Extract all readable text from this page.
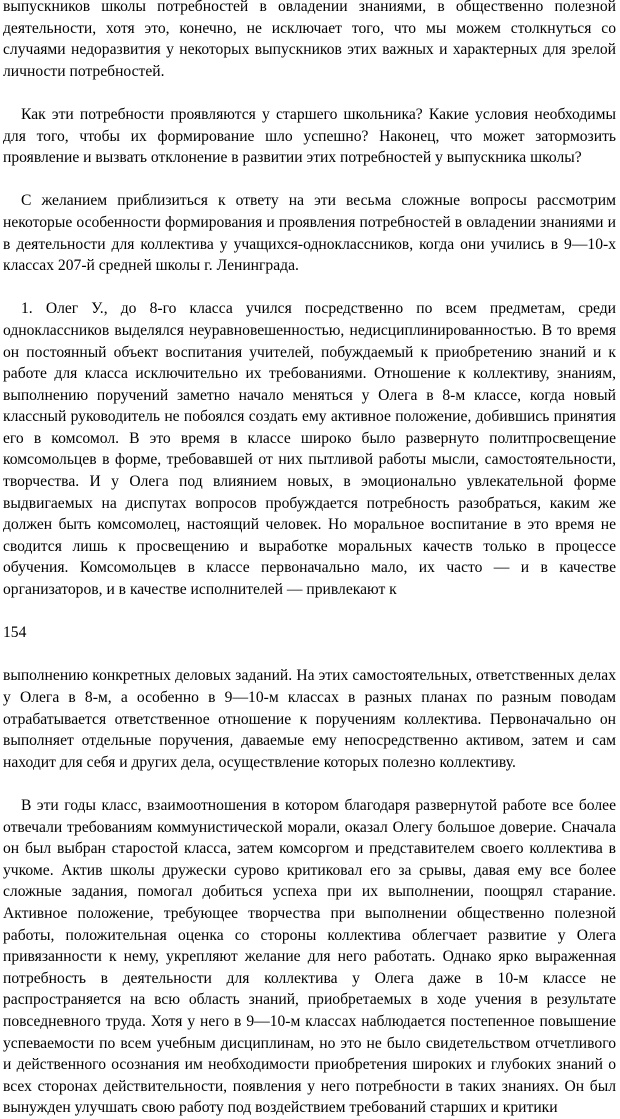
выпускников школы потребностей в овладении знаниями, в общественно полезной деятельности, хотя это, конечно, не исключает того, что мы можем столкнуться со случаями недоразвития у некоторых выпускников этих важных и характерных для зрелой личности потребностей.

Как эти потребности проявляются у старшего школьника? Какие условия необходимы для того, чтобы их формирование шло успешно? Наконец, что может затормозить проявление и вызвать отклонение в развитии этих потребностей у выпускника школы?

С желанием приблизиться к ответу на эти весьма сложные вопросы рассмотрим некоторые особенности формирования и проявления потребностей в овладении знаниями и в деятельности для коллектива у учащихся-одноклассников, когда они учились в 9—10-х классах 207-й средней школы г. Ленинграда.

1. Олег У., до 8-го класса учился посредственно по всем предметам, среди одноклассников выделялся неуравновешенностью, недисциплинированностью. В то время он постоянный объект воспитания учителей, побуждаемый к приобретению знаний и к работе для класса исключительно их требованиями. Отношение к коллективу, знаниям, выполнению поручений заметно начало меняться у Олега в 8-м классе, когда новый классный руководитель не побоялся создать ему активное положение, добившись принятия его в комсомол. В это время в классе широко было развернуто политпросвещение комсомольцев в форме, требовавшей от них пытливой работы мысли, самостоятельности, творчества. И у Олега под влиянием новых, в эмоционально увлекательной форме выдвигаемых на диспутах вопросов пробуждается потребность разобраться, каким же должен быть комсомолец, настоящий человек. Но моральное воспитание в это время не сводится лишь к просвещению и выработке моральных качеств только в процессе обучения. Комсомольцев в классе первоначально мало, их часто — и в качестве организаторов, и в качестве исполнителей — привлекают к

154

выполнению конкретных деловых заданий. На этих самостоятельных, ответственных делах у Олега в 8-м, а особенно в 9—10-м классах в разных планах по разным поводам отрабатывается ответственное отношение к поручениям коллектива. Первоначально он выполняет отдельные поручения, даваемые ему непосредственно активом, затем и сам находит для себя и других дела, осуществление которых полезно коллективу.

В эти годы класс, взаимоотношения в котором благодаря развернутой работе все более отвечали требованиям коммунистической морали, оказал Олегу большое доверие. Сначала он был выбран старостой класса, затем комсоргом и представителем своего коллектива в учкоме. Актив школы дружески сурово критиковал его за срывы, давая ему все более сложные задания, помогал добиться успеха при их выполнении, поощрял старание. Активное положение, требующее творчества при выполнении общественно полезной работы, положительная оценка со стороны коллектива облегчает развитие у Олега привязанности к нему, укрепляют желание для него работать. Однако ярко выраженная потребность в деятельности для коллектива у Олега даже в 10-м классе не распространяется на всю область знаний, приобретаемых в ходе учения в результате повседневного труда. Хотя у него в 9—10-м классах наблюдается постепенное повышение успеваемости по всем учебным дисциплинам, но это не было свидетельством отчетливого и действенного осознания им необходимости приобретения широких и глубоких знаний о всех сторонах действительности, появления у него потребности в таких знаниях. Он был вынужден улучшать свою работу под воздействием требований старших и критики
